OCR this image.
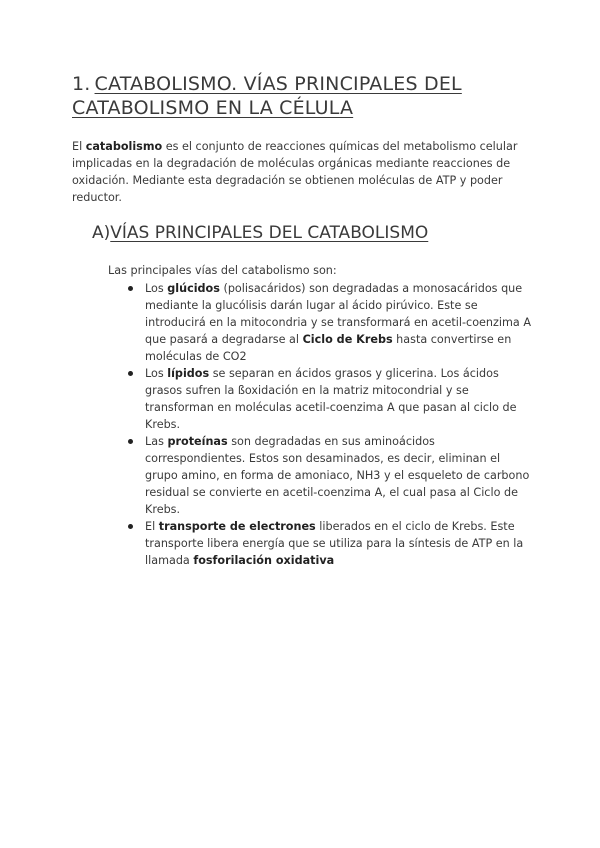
1. CATABOLISMO. VÍAS PRINCIPALES DEL CATABOLISMO EN LA CÉLULA

El catabolismo es el conjunto de reacciones químicas del metabolismo celular implicadas en la degradación de moléculas orgánicas mediante reacciones de oxidación. Mediante esta degradación se obtienen moléculas de ATP y poder reductor.

A)VÍAS PRINCIPALES DEL CATABOLISMO

Las principales vías del catabolismo son:

Los glúcidos (polisacáridos) son degradadas a monosacáridos que mediante la glucólisis darán lugar al ácido pirúvico. Este se introducirá en la mitocondria y se transformará en acetil-coenzima A que pasará a degradarse al Ciclo de Krebs hasta convertirse en moléculas de CO2
Los lípidos se separan en ácidos grasos y glicerina. Los ácidos grasos sufren la ßoxidación en la matriz mitocondrial y se transforman en moléculas acetil-coenzima A que pasan al ciclo de Krebs.
Las proteínas son degradadas en sus aminoácidos correspondientes. Estos son desaminados, es decir, eliminan el grupo amino, en forma de amoniaco, NH3 y el esqueleto de carbono residual se convierte en acetil-coenzima A, el cual pasa al Ciclo de Krebs.
El transporte de electrones liberados en el ciclo de Krebs. Este transporte libera energía que se utiliza para la síntesis de ATP en la llamada fosforilación oxidativa
